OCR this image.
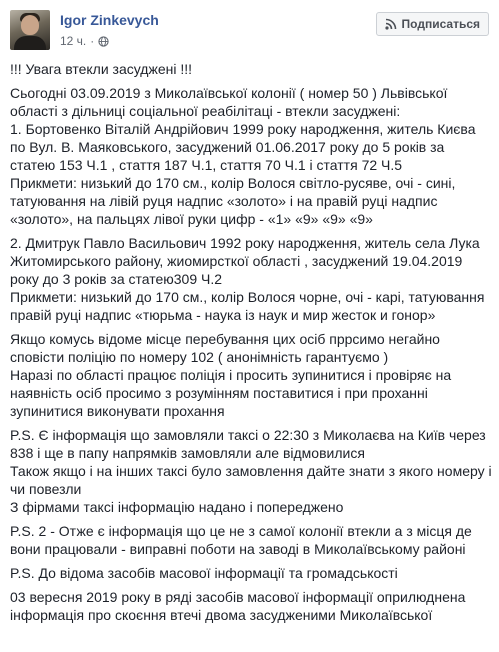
Igor Zinkevych
12 ч. ·
Подписаться

!!! Увага втекли засуджені !!!

Сьогодні 03.09.2019 з Миколаївської колонії ( номер 50 ) Львівської
області з дільниці соціальної реабілітаці - втекли засуджені:
1. Бортовенко Віталій Андрійович 1999 року народження, житель Києва
по Вул. В. Маяковського, засуджений 01.06.2017 року до 5 років за
статею 153 Ч.1 , стаття 187 Ч.1, стаття 70 Ч.1 і стаття 72 Ч.5
Прикмети: низький до 170 см., колір Волося світло-русяве, очі - сині,
татуювання на лівій руця надпис «золото» і на правій руці надпис
«золото», на пальцях лівої руки цифр - «1» «9» «9» «9»

2. Дмитрук Павло Васильович 1992 року народження, житель села Лука
Житомирського району, жиомирсткої області , засуджений 19.04.2019
року до 3 років за статею309 Ч.2
Прикмети: низький до 170 см., колір Волося чорне, очі - карі, татуювання
правій руці надпис «тюрьма - наука із наук и мир жесток и гонор»

Якщо комусь відоме місце перебування цих осіб пррсимо негайно
сповісти поліцію по номеру 102 ( анонімність гарантуємо )
Наразі по області працює поліція і просить зупинитися і провіряє на
наявність осіб просимо з розумінням поставитися і при проханні
зупинитися виконувати прохання

P.S. Є інформація що замовляли таксі о 22:30 з Миколаєва на Київ через
838 і ще в папу напрямків замовляли але відмовилися
Також якщо і на інших таксі було замовлення дайте знати з якого номеру і
чи повезли
З фірмами таксі інформацію надано і попереджено

P.S. 2 - Отже є інформація що це не з самої колонії втекли а з місця де
вони працювали - виправні поботи на заводі в Миколаївському районі

P.S. До відома засобів масової інформації та громадськості

03 вересня 2019 року в ряді засобів масової інформації оприлюднена
інформація про скоєння втечі двома засудженими Миколаївської
